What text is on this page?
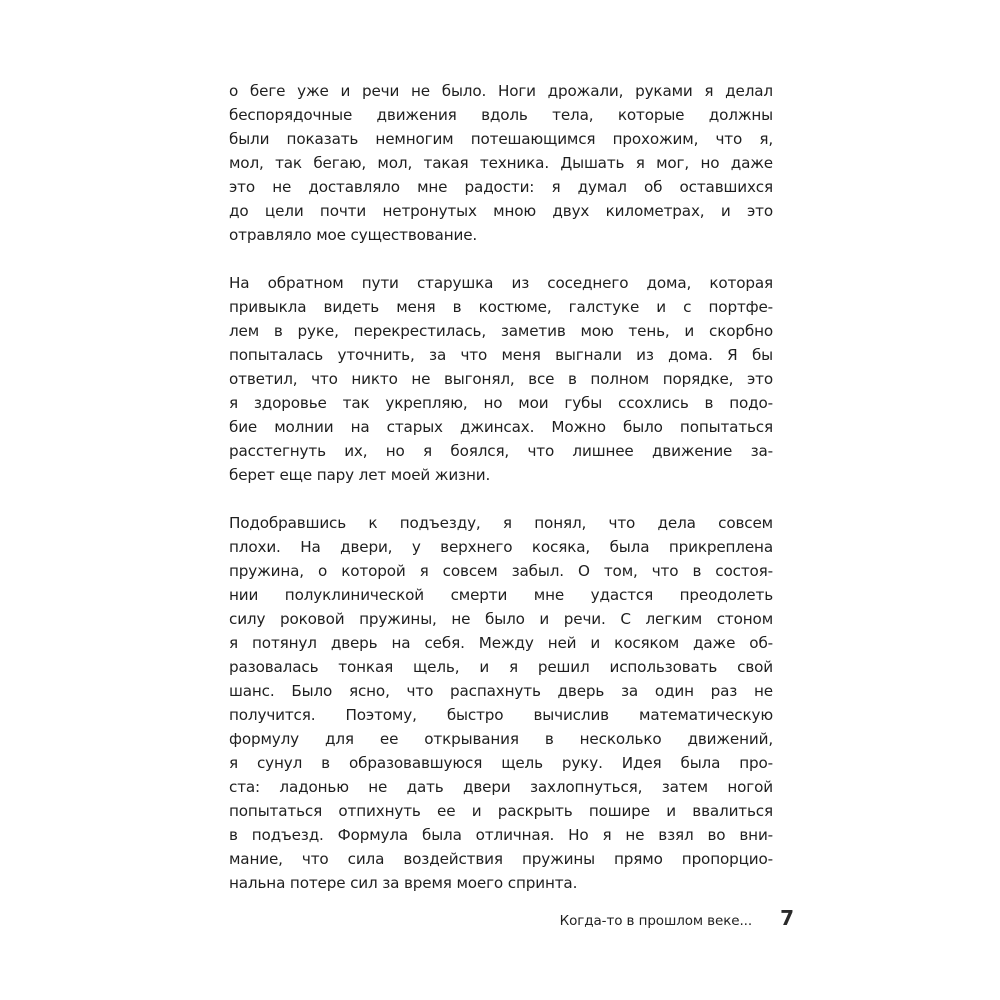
о беге уже и речи не было. Ноги дрожали, руками я делал
беспорядочные движения вдоль тела, которые должны
были показать немногим потешающимся прохожим, что я,
мол, так бегаю, мол, такая техника. Дышать я мог, но даже
это не доставляло мне радости: я думал об оставшихся
до цели почти нетронутых мною двух километрах, и это
отравляло мое существование.

На обратном пути старушка из соседнего дома, которая
привыкла видеть меня в костюме, галстуке и с портфе-
лем в руке, перекрестилась, заметив мою тень, и скорбно
попыталась уточнить, за что меня выгнали из дома. Я бы
ответил, что никто не выгонял, все в полном порядке, это
я здоровье так укрепляю, но мои губы ссохлись в подо-
бие молнии на старых джинсах. Можно было попытаться
расстегнуть их, но я боялся, что лишнее движение за-
берет еще пару лет моей жизни.

Подобравшись к подъезду, я понял, что дела совсем
плохи. На двери, у верхнего косяка, была прикреплена
пружина, о которой я совсем забыл. О том, что в состоя-
нии полуклинической смерти мне удастся преодолеть
силу роковой пружины, не было и речи. С легким стоном
я потянул дверь на себя. Между ней и косяком даже об-
разовалась тонкая щель, и я решил использовать свой
шанс. Было ясно, что распахнуть дверь за один раз не
получится. Поэтому, быстро вычислив математическую
формулу для ее открывания в несколько движений,
я сунул в образовавшуюся щель руку. Идея была про-
ста: ладонью не дать двери захлопнуться, затем ногой
попытаться отпихнуть ее и раскрыть пошире и ввалиться
в подъезд. Формула была отличная. Но я не взял во вни-
мание, что сила воздействия пружины прямо пропорцио-
нальна потере сил за время моего спринта.

Когда-то в прошлом веке... 7
